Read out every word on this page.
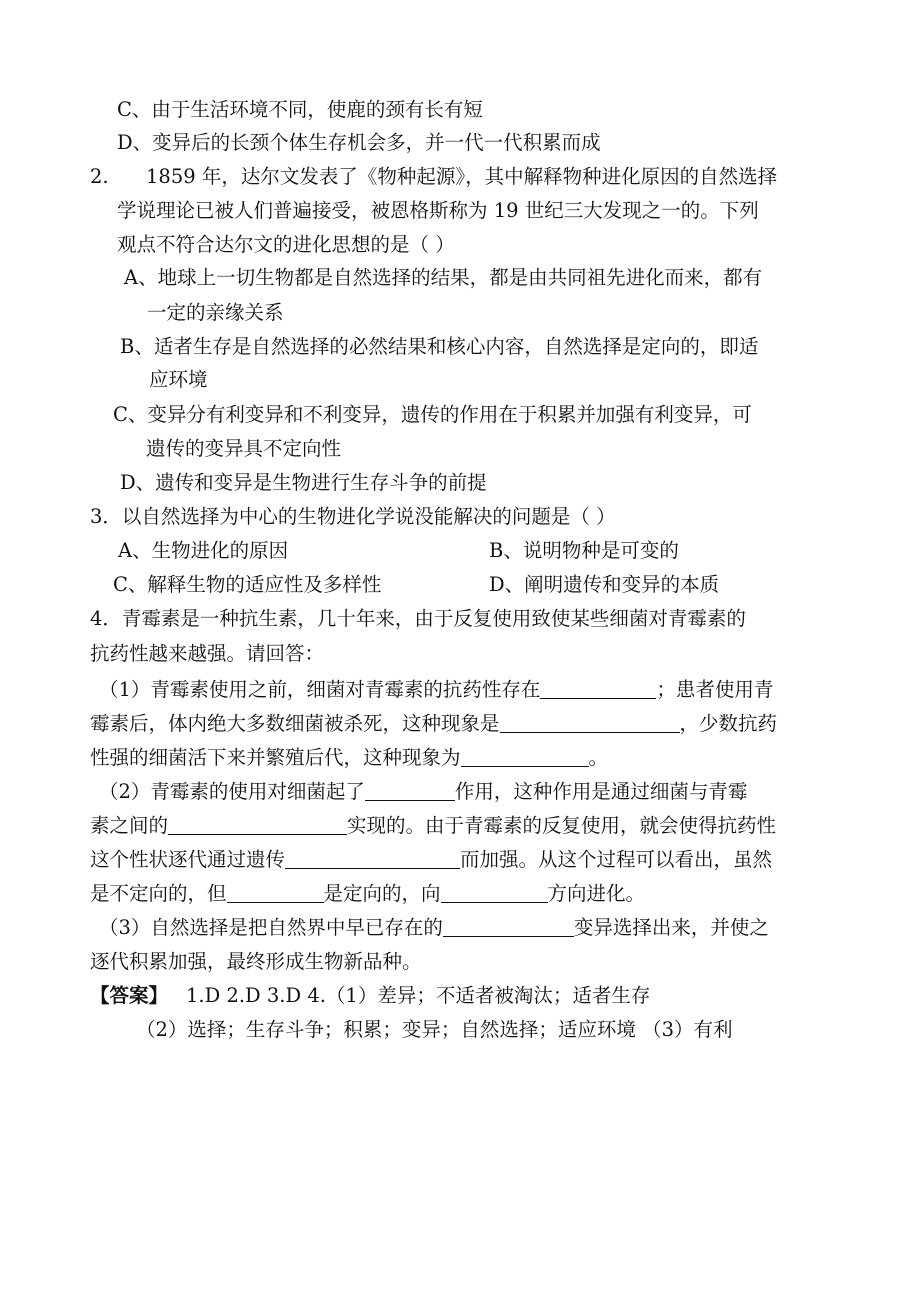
C、由于生活环境不同，使鹿的颈有长有短
D、变异后的长颈个体生存机会多，并一代一代积累而成
2. 1859 年，达尔文发表了《物种起源》，其中解释物种进化原因的自然选择
学说理论已被人们普遍接受，被恩格斯称为 19 世纪三大发现之一的。下列
观点不符合达尔文的进化思想的是（ ）
A、地球上一切生物都是自然选择的结果，都是由共同祖先进化而来，都有
一定的亲缘关系
B、适者生存是自然选择的必然结果和核心内容，自然选择是定向的，即适
应环境
C、变异分有利变异和不利变异，遗传的作用在于积累并加强有利变异，可
遗传的变异具不定向性
D、遗传和变异是生物进行生存斗争的前提
3．以自然选择为中心的生物进化学说没能解决的问题是（ ）
A、生物进化的原因	B、说明物种是可变的
C、解释生物的适应性及多样性	D、阐明遗传和变异的本质
4．青霉素是一种抗生素，几十年来，由于反复使用致使某些细菌对青霉素的
抗药性越来越强。请回答：
（1）青霉素使用之前，细菌对青霉素的抗药性存在	；患者使用青
霉素后，体内绝大多数细菌被杀死，这种现象是	，少数抗药
性强的细菌活下来并繁殖后代，这种现象为	。
（2）青霉素的使用对细菌起了	作用，这种作用是通过细菌与青霉
素之间的	实现的。由于青霉素的反复使用，就会使得抗药性
这个性状逐代通过遗传	而加强。从这个过程可以看出，虽然
是不定向的，但	是定向的，向	方向进化。
（3）自然选择是把自然界中早已存在的	变异选择出来，并使之
逐代积累加强，最终形成生物新品种。
【答案】 1.D 2.D 3.D 4.（1）差异；不适者被淘汰；适者生存
（2）选择；生存斗争；积累；变异；自然选择；适应环境 （3）有利
